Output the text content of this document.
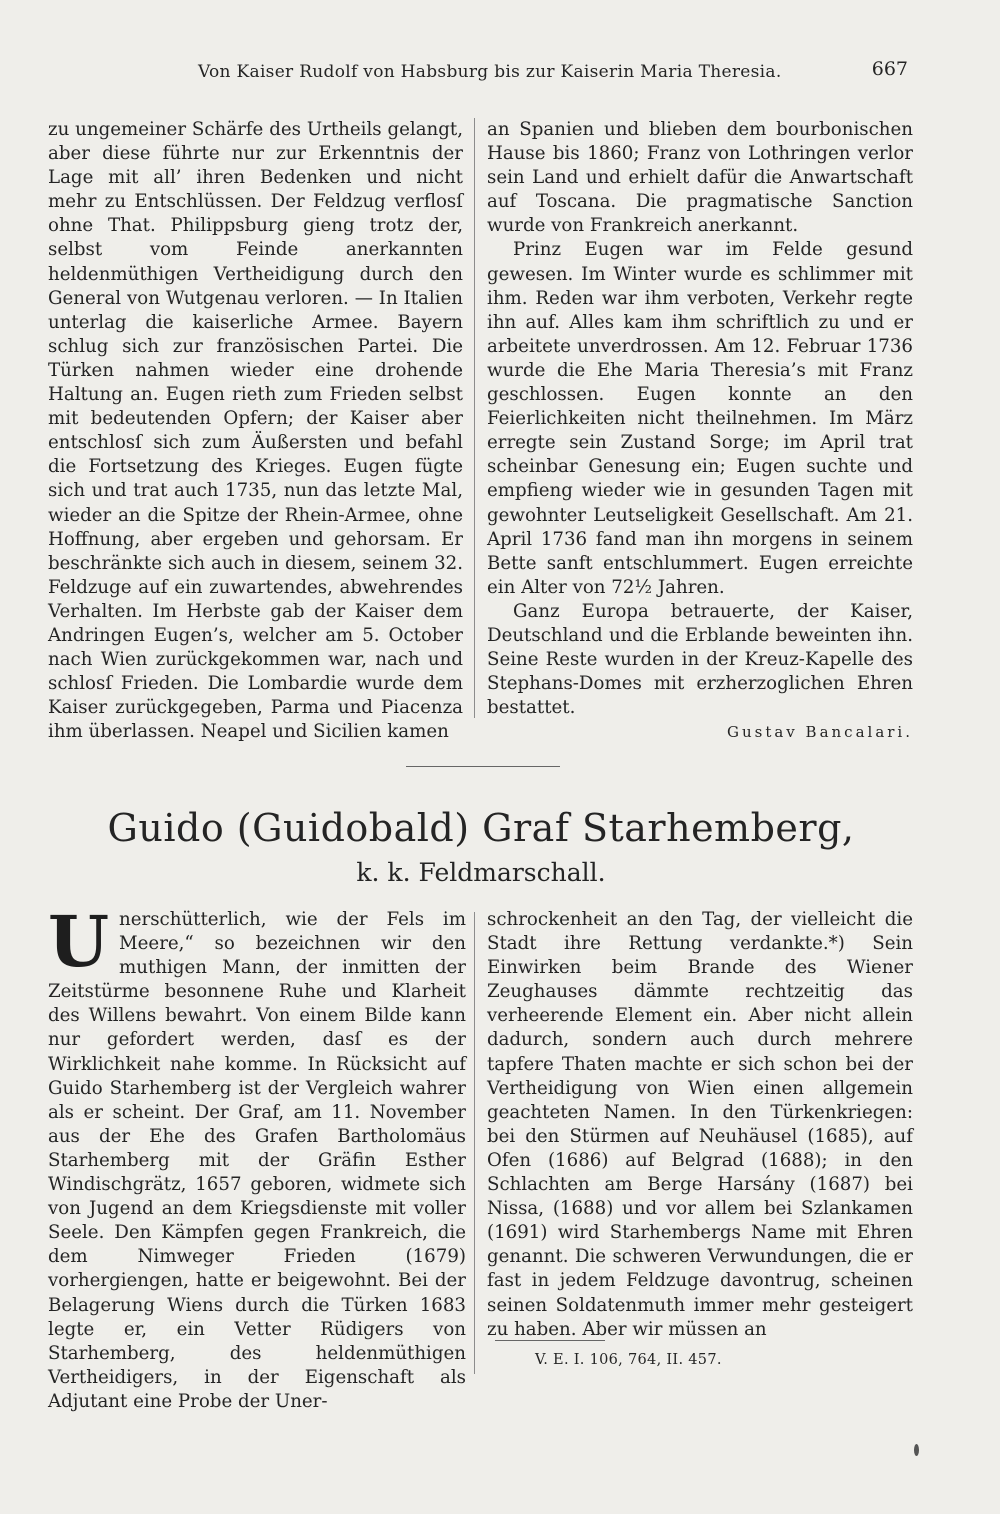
Von Kaiser Rudolf von Habsburg bis zur Kaiserin Maria Theresia.	667

zu ungemeiner Schärfe des Urtheils gelangt, aber diese führte nur zur Erkenntnis der Lage mit all’ ihren Bedenken und nicht mehr zu Entschlüssen. Der Feldzug verflosſ ohne That. Philippsburg gieng trotz der, selbst vom Feinde anerkannten heldenmüthigen Vertheidigung durch den General von Wutgenau verloren. — In Italien unterlag die kaiserliche Armee. Bayern schlug sich zur französischen Partei. Die Türken nahmen wieder eine drohende Haltung an. Eugen rieth zum Frieden selbst mit bedeutenden Opfern; der Kaiser aber entschlosſ sich zum Äußersten und befahl die Fortsetzung des Krieges. Eugen fügte sich und trat auch 1735, nun das letzte Mal, wieder an die Spitze der Rhein-Armee, ohne Hoffnung, aber ergeben und gehorsam. Er beschränkte sich auch in diesem, seinem 32. Feldzuge auf ein zuwartendes, abwehrendes Verhalten. Im Herbste gab der Kaiser dem Andringen Eugen’s, welcher am 5. October nach Wien zurückgekommen war, nach und schlosſ Frieden. Die Lombardie wurde dem Kaiser zurückgegeben, Parma und Piacenza ihm überlassen. Neapel und Sicilien kamen

an Spanien und blieben dem bourbonischen Hause bis 1860; Franz von Lothringen verlor sein Land und erhielt dafür die Anwartschaft auf Toscana. Die pragmatische Sanction wurde von Frankreich anerkannt.

Prinz Eugen war im Felde gesund gewesen. Im Winter wurde es schlimmer mit ihm. Reden war ihm verboten, Verkehr regte ihn auf. Alles kam ihm schriftlich zu und er arbeitete unverdrossen. Am 12. Februar 1736 wurde die Ehe Maria Theresia’s mit Franz geschlossen. Eugen konnte an den Feierlichkeiten nicht theilnehmen. Im März erregte sein Zustand Sorge; im April trat scheinbar Genesung ein; Eugen suchte und empfieng wieder wie in gesunden Tagen mit gewohnter Leutseligkeit Gesellschaft. Am 21. April 1736 fand man ihn morgens in seinem Bette sanft entschlummert. Eugen erreichte ein Alter von 72½ Jahren.

Ganz Europa betrauerte, der Kaiser, Deutschland und die Erblande beweinten ihn. Seine Reste wurden in der Kreuz-Kapelle des Stephans-Domes mit erzherzoglichen Ehren bestattet.

Gustav Bancalari.
Guido (Guidobald) Graf Starhemberg,
k. k. Feldmarschall.

Unerschütterlich, wie der Fels im Meere,“ so bezeichnen wir den muthigen Mann, der inmitten der Zeitstürme besonnene Ruhe und Klarheit des Willens bewahrt. Von einem Bilde kann nur gefordert werden, dasſ es der Wirklichkeit nahe komme. In Rücksicht auf Guido Starhemberg ist der Vergleich wahrer als er scheint. Der Graf, am 11. November aus der Ehe des Grafen Bartholomäus Starhemberg mit der Gräfin Esther Windischgrätz, 1657 geboren, widmete sich von Jugend an dem Kriegsdienste mit voller Seele. Den Kämpfen gegen Frankreich, die dem Nimweger Frieden (1679) vorhergiengen, hatte er beigewohnt. Bei der Belagerung Wiens durch die Türken 1683 legte er, ein Vetter Rüdigers von Starhemberg, des heldenmüthigen Vertheidigers, in der Eigenschaft als Adjutant eine Probe der Uner-

schrockenheit an den Tag, der vielleicht die Stadt ihre Rettung verdankte.*) Sein Einwirken beim Brande des Wiener Zeughauses dämmte rechtzeitig das verheerende Element ein. Aber nicht allein dadurch, sondern auch durch mehrere tapfere Thaten machte er sich schon bei der Vertheidigung von Wien einen allgemein geachteten Namen. In den Türkenkriegen: bei den Stürmen auf Neuhäusel (1685), auf Ofen (1686) auf Belgrad (1688); in den Schlachten am Berge Harsány (1687) bei Nissa, (1688) und vor allem bei Szlankamen (1691) wird Starhembergs Name mit Ehren genannt. Die schweren Verwundungen, die er fast in jedem Feldzuge davontrug, scheinen seinen Soldatenmuth immer mehr gesteigert zu haben. Aber wir müssen an

V. E. I. 106, 764, II. 457.
